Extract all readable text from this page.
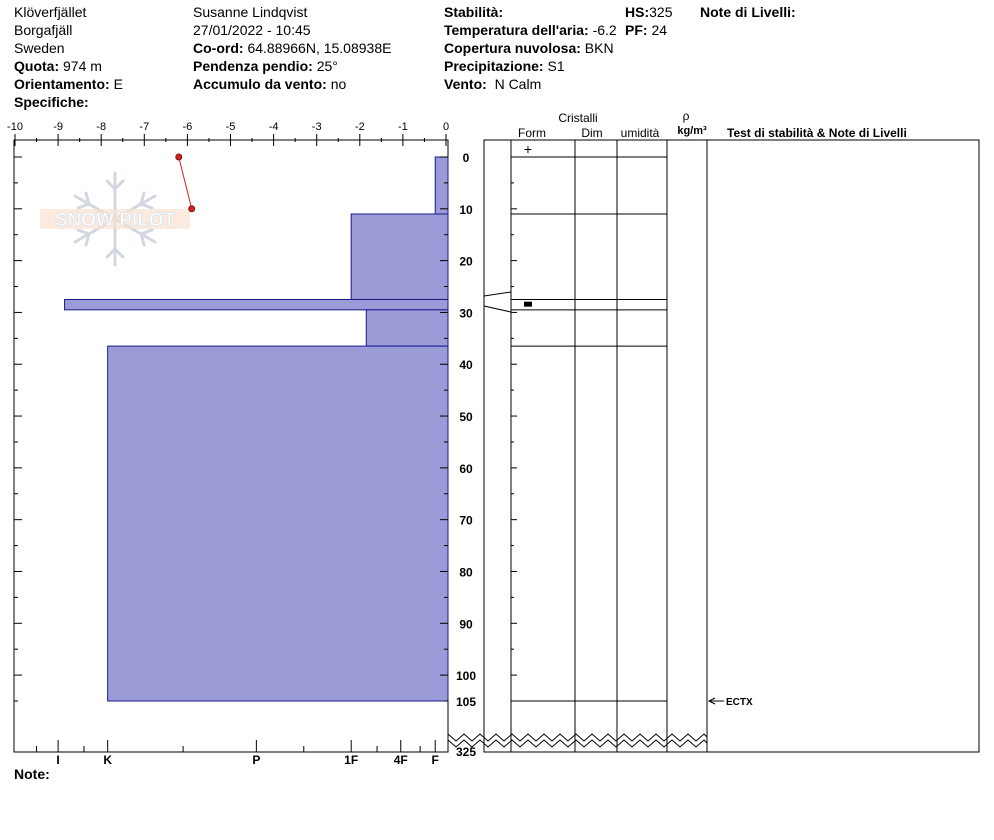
Klöverfjället
Borgafjäll
Sweden
Quota: 974 m
Orientamento: E
Specifiche:
Susanne Lindqvist
27/01/2022 - 10:45
Co-ord: 64.88966N, 15.08938E
Pendenza pendio: 25°
Accumulo da vento: no
Stabilità:
Temperatura dell'aria: -6.2
Copertura nuvolosa: BKN
Precipitazione: S1
Vento: N Calm
HS:325
PF: 24
Note di Livelli:
Note:
SNOW PILOT
-10	-9	-8	-7	-6	-5	-4	-3	-2	-1	0
I	K	P	1F	4F F
0
10
20
30
40
50
60
70
80
90
100
105
325
Cristalli
Form	Dim umidità
ρ
kg/m³ Test di stabilità & Note di Livelli
+
ECTX
